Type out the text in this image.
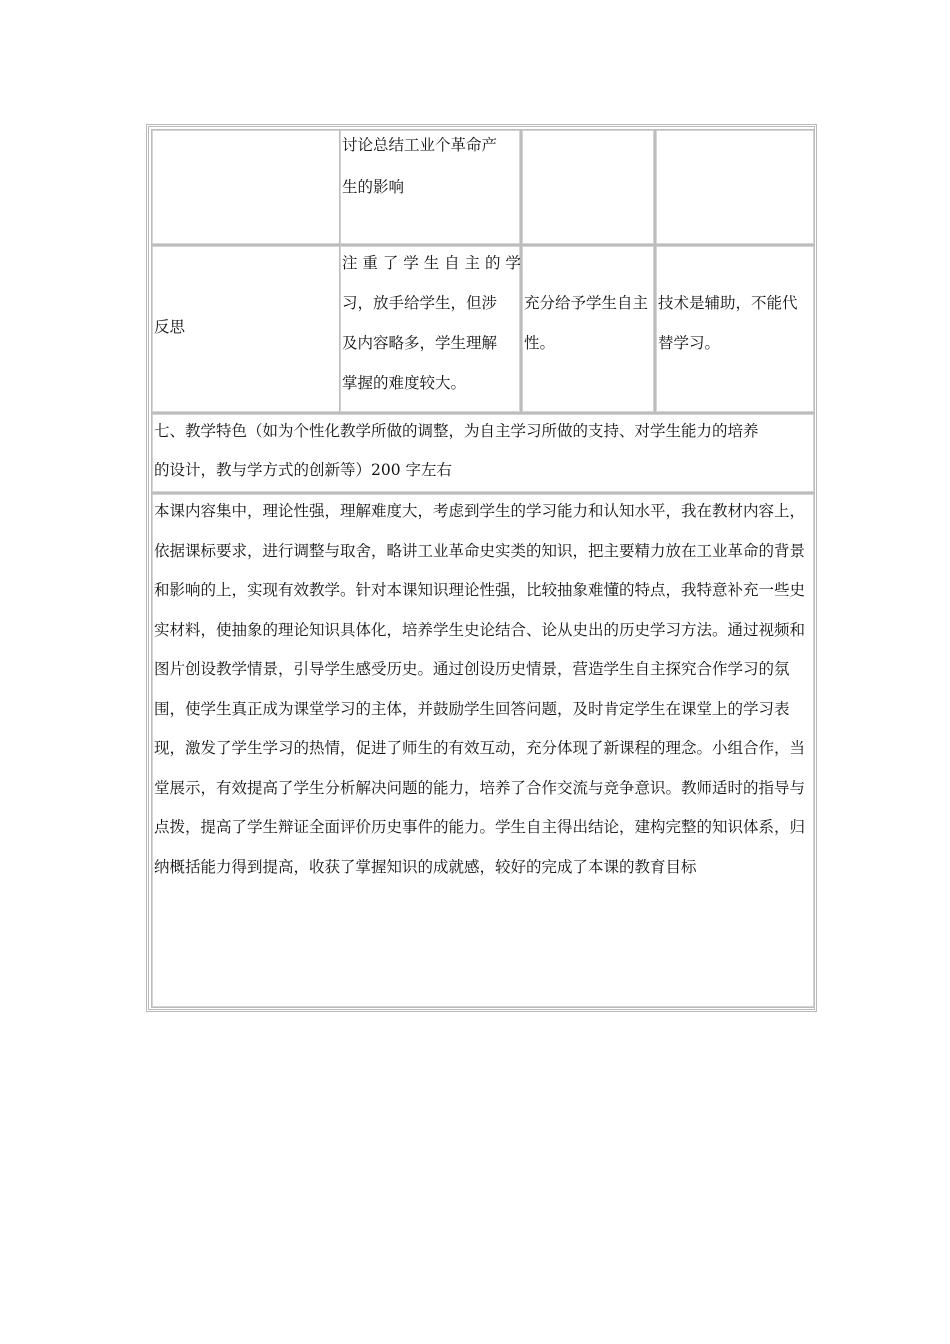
讨论总结工业个革命产
生的影响
反思
注 重 了 学 生 自 主 的 学
习，放手给学生，但涉
及内容略多，学生理解
掌握的难度较大。
充分给予学生自主
性。
技术是辅助，不能代
替学习。
七、教学特色（如为个性化教学所做的调整，为自主学习所做的支持、对学生能力的培养
的设计，教与学方式的创新等）200 字左右
本课内容集中，理论性强，理解难度大，考虑到学生的学习能力和认知水平，我在教材内容上，依据课标要求，进行调整与取舍，略讲工业革命史实类的知识，把主要精力放在工业革命的背景和影响的上，实现有效教学。针对本课知识理论性强，比较抽象难懂的特点，我特意补充一些史实材料，使抽象的理论知识具体化，培养学生史论结合、论从史出的历史学习方法。通过视频和图片创设教学情景，引导学生感受历史。通过创设历史情景，营造学生自主探究合作学习的氛围，使学生真正成为课堂学习的主体，并鼓励学生回答问题，及时肯定学生在课堂上的学习表现，激发了学生学习的热情，促进了师生的有效互动，充分体现了新课程的理念。小组合作，当堂展示，有效提高了学生分析解决问题的能力，培养了合作交流与竞争意识。教师适时的指导与点拨，提高了学生辩证全面评价历史事件的能力。学生自主得出结论，建构完整的知识体系，归纳概括能力得到提高，收获了掌握知识的成就感，较好的完成了本课的教育目标
